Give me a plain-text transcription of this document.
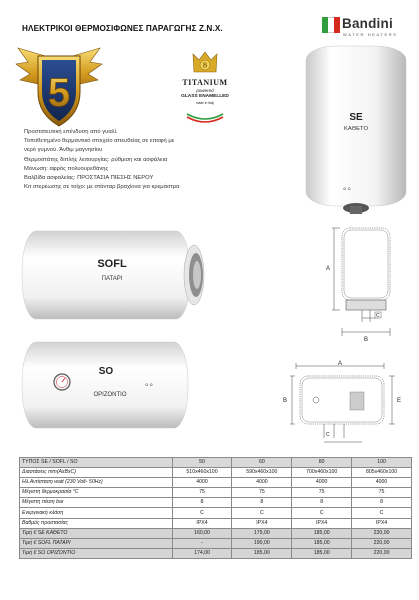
ΗΛΕΚΤΡΙΚΟΙ ΘΕΡΜΟΣΙΦΩΝΕΣ ΠΑΡΑΓΩΓΗΣ Ζ.Ν.Χ.	Bandini
WATER HEATERS
5
B
TITANIUM
powered
GLASS ENAMELLED
made in Italy
SE
ΚΑΘΕΤΟ
✿ ✿
Προστατευτική επένδυση από γυαλί.
Τοποθετημένο θερμαντικό στοιχείο απευθείας σε επαφή με
νερό γυμνού. Άνθιμ μαγνησίου
Θερμοστάτης διπλής λειτουργίας: ρύθμιση και ασφάλεια
Μόνωση: αφρός πολυουρεθάνης
Βαλβίδα ασφαλείας: ΠΡΟΣΤΑΣΙΑ ΠΙΕΣΗΣ ΝΕΡΟΥ
Κιτ στερέωσης σε τοίχο: με στάνταρ βραχίονα για κρεμάστρα
SOFL
ΠΑΤΑΡΙ
SO
ΟΡΙΖΟΝΤΙΟ
✿ ✿
A
C
B
A
B	E
C
ΤΥΠΟΣ SE / SOFL / SO	50	60	80	100
Διαστάσεις mm(AxBxC)	510x460x100	590x460x100	700x460x100	805x460x100
Ηλ.Αντίσταση watt (230 Volt- 50Hz)	4000	4000	4000	4000
Μέγιστη θερμοκρασία °C	75	75	75	75
Μέγιστη πίεση bar	8	8	8	8
Ενεργειακή κλάση	C	C	C	C
Βαθμός προστασίας	IPX4	IPX4	IPX4	IPX4
Τιμή € SE ΚΑΘΕΤΟ	160,00	179,00	185,00	220,00
Τιμή € SOFL ΠΑΤΑΡΙ	-	190,00	185,00	220,00
Τιμή € SO ΟΡΙΖΟΝΤΙΟ	174,00	185,00	185,00	220,00
